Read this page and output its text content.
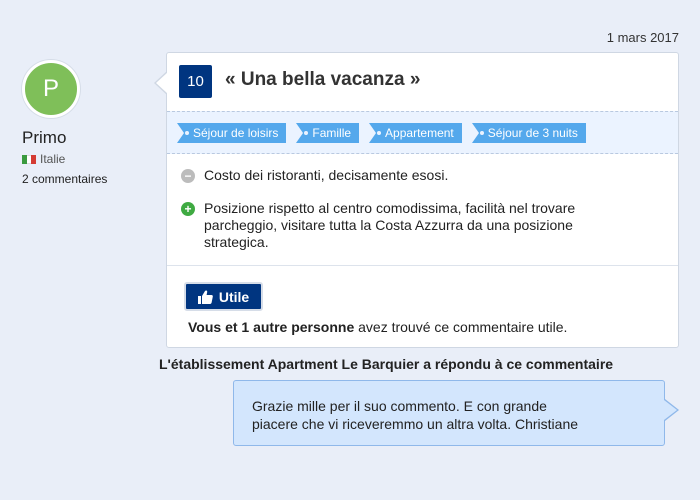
1 mars 2017
P
Primo
Italie
2 commentaires
10	« Una bella vacanza »
Séjour de loisirs	Famille	Appartement	Séjour de 3 nuits
− Costo dei ristoranti, decisamente esosi.
+ Posizione rispetto al centro comodissima, facilità nel trovare parcheggio, visitare tutta la Costa Azzurra da una posizione strategica.
Utile
Vous et 1 autre personne avez trouvé ce commentaire utile.
L'établissement Apartment Le Barquier a répondu à ce commentaire
Grazie mille per il suo commento. E con grande piacere che vi riceveremmo un altra volta. Christiane
